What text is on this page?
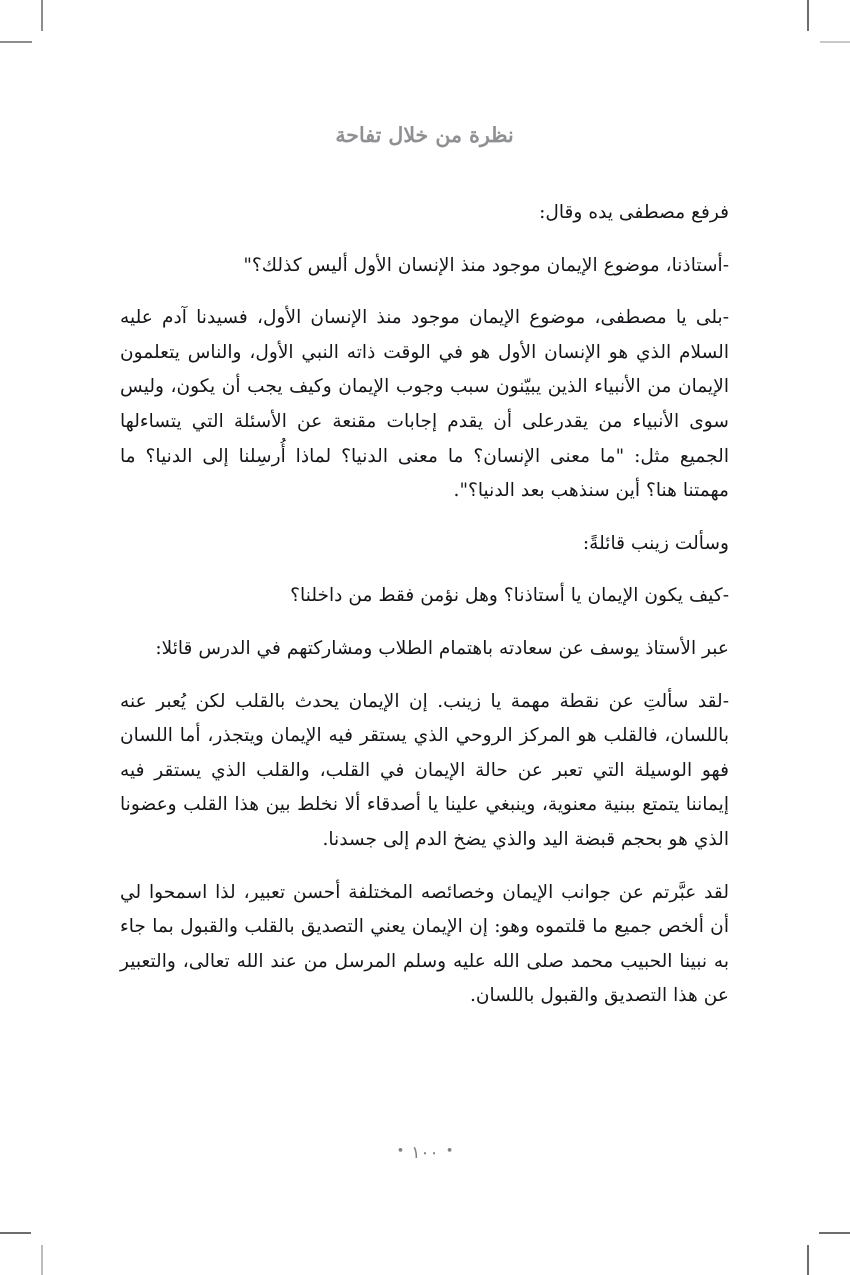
نظرة من خلال تفاحة

فرفع مصطفى يده وقال:

-أستاذنا، موضوع الإيمان موجود منذ الإنسان الأول أليس كذلك؟"

-بلى يا مصطفى، موضوع الإيمان موجود منذ الإنسان الأول، فسيدنا آدم عليه السلام الذي هو الإنسان الأول هو في الوقت ذاته النبي الأول، والناس يتعلمون الإيمان من الأنبياء الذين يبيّنون سبب وجوب الإيمان وكيف يجب أن يكون، وليس سوى الأنبياء من يقدرعلى أن يقدم إجابات مقنعة عن الأسئلة التي يتساءلها الجميع مثل: "ما معنى الإنسان؟ ما معنى الدنيا؟ لماذا أُرسِلنا إلى الدنيا؟ ما مهمتنا هنا؟ أين سنذهب بعد الدنيا؟".

وسألت زينب قائلةً:

-كيف يكون الإيمان يا أستاذنا؟ وهل نؤمن فقط من داخلنا؟

عبر الأستاذ يوسف عن سعادته باهتمام الطلاب ومشاركتهم في الدرس قائلا:

-لقد سألتِ عن نقطة مهمة يا زينب. إن الإيمان يحدث بالقلب لكن يُعبر عنه باللسان، فالقلب هو المركز الروحي الذي يستقر فيه الإيمان ويتجذر، أما اللسان فهو الوسيلة التي تعبر عن حالة الإيمان في القلب، والقلب الذي يستقر فيه إيماننا يتمتع ببنية معنوية، وينبغي علينا يا أصدقاء ألا نخلط بين هذا القلب وعضونا الذي هو بحجم قبضة اليد والذي يضخ الدم إلى جسدنا.

لقد عبَّرتم عن جوانب الإيمان وخصائصه المختلفة أحسن تعبير، لذا اسمحوا لي أن ألخص جميع ما قلتموه وهو: إن الإيمان يعني التصديق بالقلب والقبول بما جاء به نبينا الحبيب محمد صلى الله عليه وسلم المرسل من عند الله تعالى، والتعبير عن هذا التصديق والقبول باللسان.

•١٠٠•
